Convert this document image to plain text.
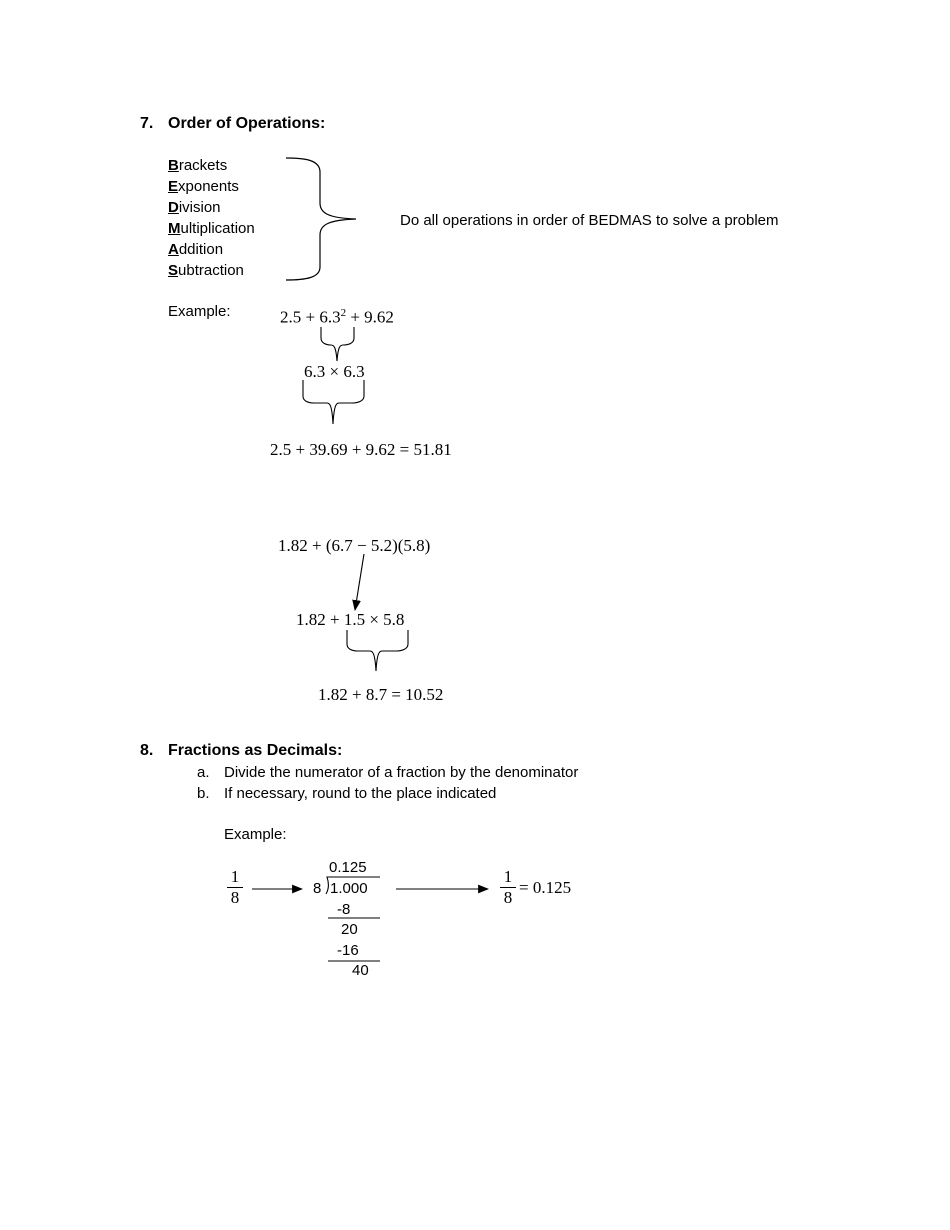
7. Order of Operations:
Brackets
Exponents
Division
Multiplication
Addition
Subtraction
Do all operations in order of BEDMAS to solve a problem
Example:	$2.5 + 6.3^2 + 9.62$
6.3 × 6.3
2.5 + 39.69 + 9.62 = 51.81
1.82 + (6.7 − 5.2)(5.8)
1.82 + 1.5 × 5.8
1.82 + 8.7 = 10.52
8. Fractions as Decimals:
a. Divide the numerator of a fraction by the denominator
b. If necessary, round to the place indicated
Example:
$\frac{1}{8}$	0.125
8 1.000
-8
20
-16
40
$\frac{1}{8} = 0.125$
